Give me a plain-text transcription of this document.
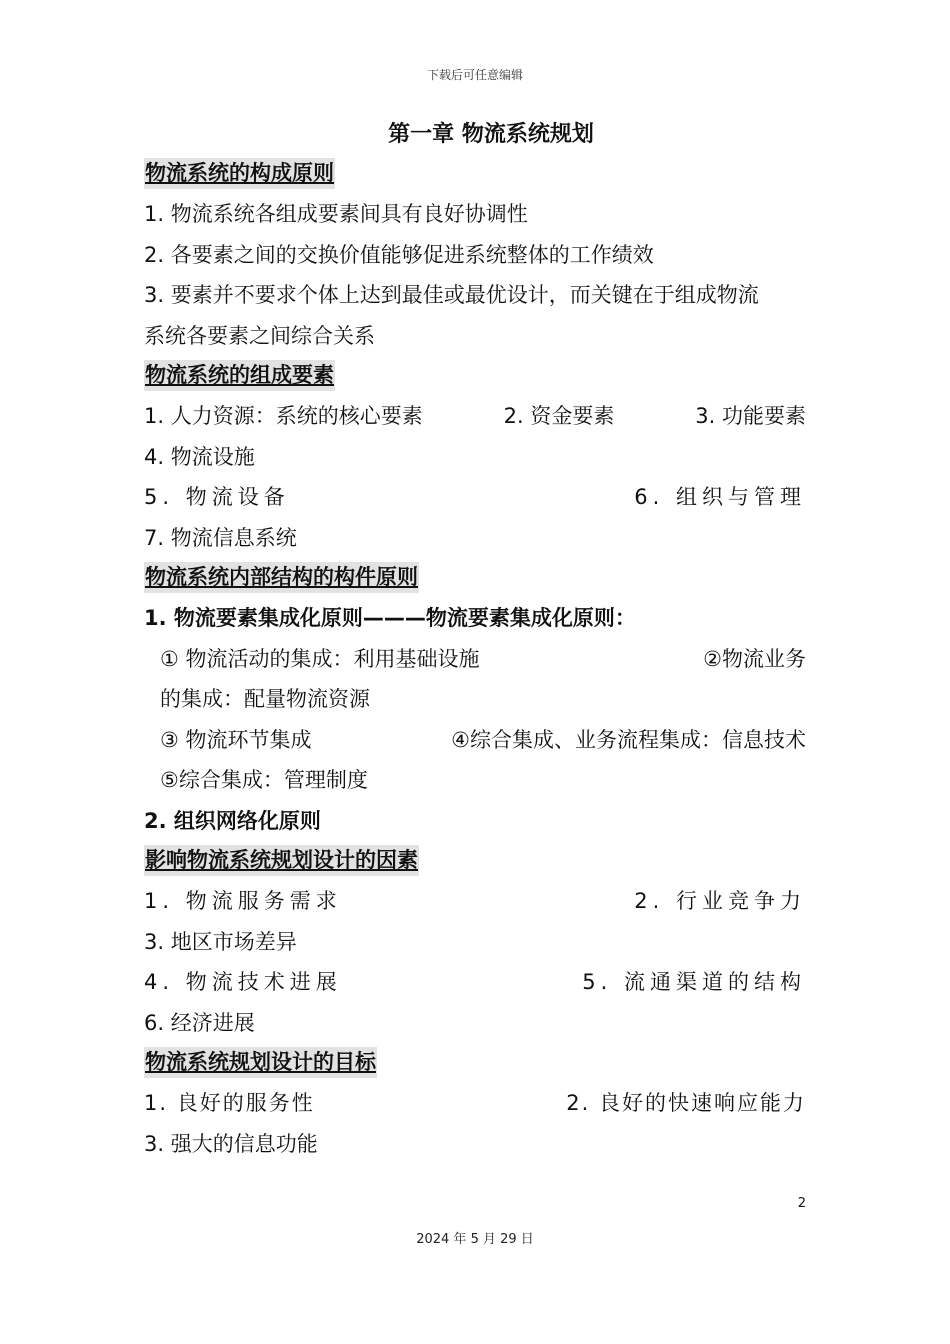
下载后可任意编辑
第一章 物流系统规划
物流系统的构成原则
1. 物流系统各组成要素间具有良好协调性
2. 各要素之间的交换价值能够促进系统整体的工作绩效
3. 要素并不要求个体上达到最佳或最优设计，而关键在于组成物流
系统各要素之间综合关系
物流系统的组成要素
1. 人力资源：系统的核心要素	2. 资金要素	3. 功能要素
4. 物流设施
5. 物流设备	6. 组织与管理
7. 物流信息系统
物流系统内部结构的构件原则
1. 物流要素集成化原则———物流要素集成化原则：
① 物流活动的集成：利用基础设施	②物流业务
的集成：配量物流资源
③ 物流环节集成	④综合集成、业务流程集成：信息技术
⑤综合集成：管理制度
2. 组织网络化原则
影响物流系统规划设计的因素
1. 物流服务需求	2. 行业竞争力
3. 地区市场差异
4. 物流技术进展	5. 流通渠道的结构
6. 经济进展
物流系统规划设计的目标
1. 良好的服务性	2. 良好的快速响应能力
3. 强大的信息功能
2
2024 年 5 月 29 日
